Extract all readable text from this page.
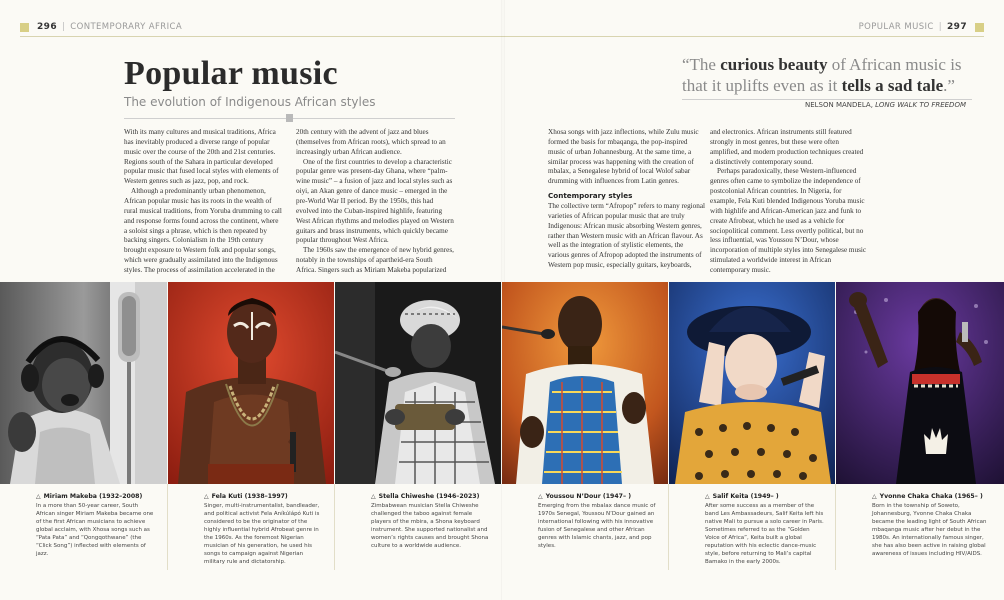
296 | CONTEMPORARY AFRICA	POPULAR MUSIC | 297
Popular music
The evolution of Indigenous African styles
“The curious beauty of African music is that it uplifts even as it tells a sad tale.”
NELSON MANDELA, LONG WALK TO FREEDOM

With its many cultures and musical traditions, Africa has inevitably produced a diverse range of popular music over the course of the 20th and 21st centuries. Regions south of the Sahara in particular developed popular music that fused local styles with elements of Western genres such as jazz, pop, and rock.

Although a predominantly urban phenomenon, African popular music has its roots in the wealth of rural musical traditions, from Yoruba drumming to call and response forms found across the continent, where a soloist sings a phrase, which is then repeated by backing singers. Colonialism in the 19th century brought exposure to Western folk and popular songs, which were gradually assimilated into the Indigenous styles. The process of assimilation accelerated in the

20th century with the advent of jazz and blues (themselves from African roots), which spread to an increasingly urban African audience.

One of the first countries to develop a characteristic popular genre was present-day Ghana, where “palm-wine music” – a fusion of jazz and local styles such as oiyi, an Akan genre of dance music – emerged in the pre-World War II period. By the 1950s, this had evolved into the Cuban-inspired highlife, featuring West African rhythms and melodies played on Western guitars and brass instruments, which quickly became popular throughout West Africa.

The 1960s saw the emergence of new hybrid genres, notably in the townships of apartheid-era South Africa. Singers such as Miriam Makeba popularized

Xhosa songs with jazz inflections, while Zulu music formed the basis for mbaqanga, the pop-inspired music of urban Johannesburg. At the same time, a similar process was happening with the creation of mbalax, a Senegalese hybrid of local Wolof sabar drumming with influences from Latin genres.

Contemporary styles

The collective term “Afropop” refers to many regional varieties of African popular music that are truly Indigenous: African music absorbing Western genres, rather than Western music with an African flavour. As well as the integration of stylistic elements, the various genres of Afropop adopted the instruments of Western pop music, especially guitars, keyboards,

and electronics. African instruments still featured strongly in most genres, but these were often amplified, and modern production techniques created a distinctively contemporary sound.

Perhaps paradoxically, these Western-influenced genres often came to symbolize the independence of postcolonial African countries. In Nigeria, for example, Fela Kuti blended Indigenous Yoruba music with highlife and African-American jazz and funk to create Afrobeat, which he used as a vehicle for sociopolitical comment. Less overtly political, but no less influential, was Youssou N’Dour, whose incorporation of multiple styles into Senegalese music stimulated a worldwide interest in African contemporary music.

△ Miriam Makeba (1932–2008)
In a more than 50-year career, South African singer Miriam Makeba became one of the first African musicians to achieve global acclaim, with Xhosa songs such as “Pata Pata” and “Qongqothwane” (the “Click Song”) inflected with elements of jazz.
△ Fela Kuti (1938–1997)
Singer, multi-instrumentalist, bandleader, and political activist Fela Aníkúlápó Kuti is considered to be the originator of the highly influential hybrid Afrobeat genre in the 1960s. As the foremost Nigerian musician of his generation, he used his songs to campaign against Nigerian military rule and dictatorship.
△ Stella Chiweshe (1946–2023)
Zimbabwean musician Stella Chiweshe challenged the taboo against female players of the mbira, a Shona keyboard instrument. She supported nationalist and women’s rights causes and brought Shona culture to a worldwide audience.
△ Youssou N’Dour (1947– )
Emerging from the mbalax dance music of 1970s Senegal, Youssou N’Dour gained an international following with his innovative fusion of Senegalese and other African genres with Islamic chants, jazz, and pop styles.
△ Salif Keita (1949– )
After some success as a member of the band Les Ambassadeurs, Salif Keita left his native Mali to pursue a solo career in Paris. Sometimes referred to as the “Golden Voice of Africa”, Keita built a global reputation with his eclectic dance-music style, before returning to Mali’s capital Bamako in the early 2000s.
△ Yvonne Chaka Chaka (1965– )
Born in the township of Soweto, Johannesburg, Yvonne Chaka Chaka became the leading light of South African mbaqanga music after her debut in the 1980s. An internationally famous singer, she has also been active in raising global awareness of issues including HIV/AIDS.
